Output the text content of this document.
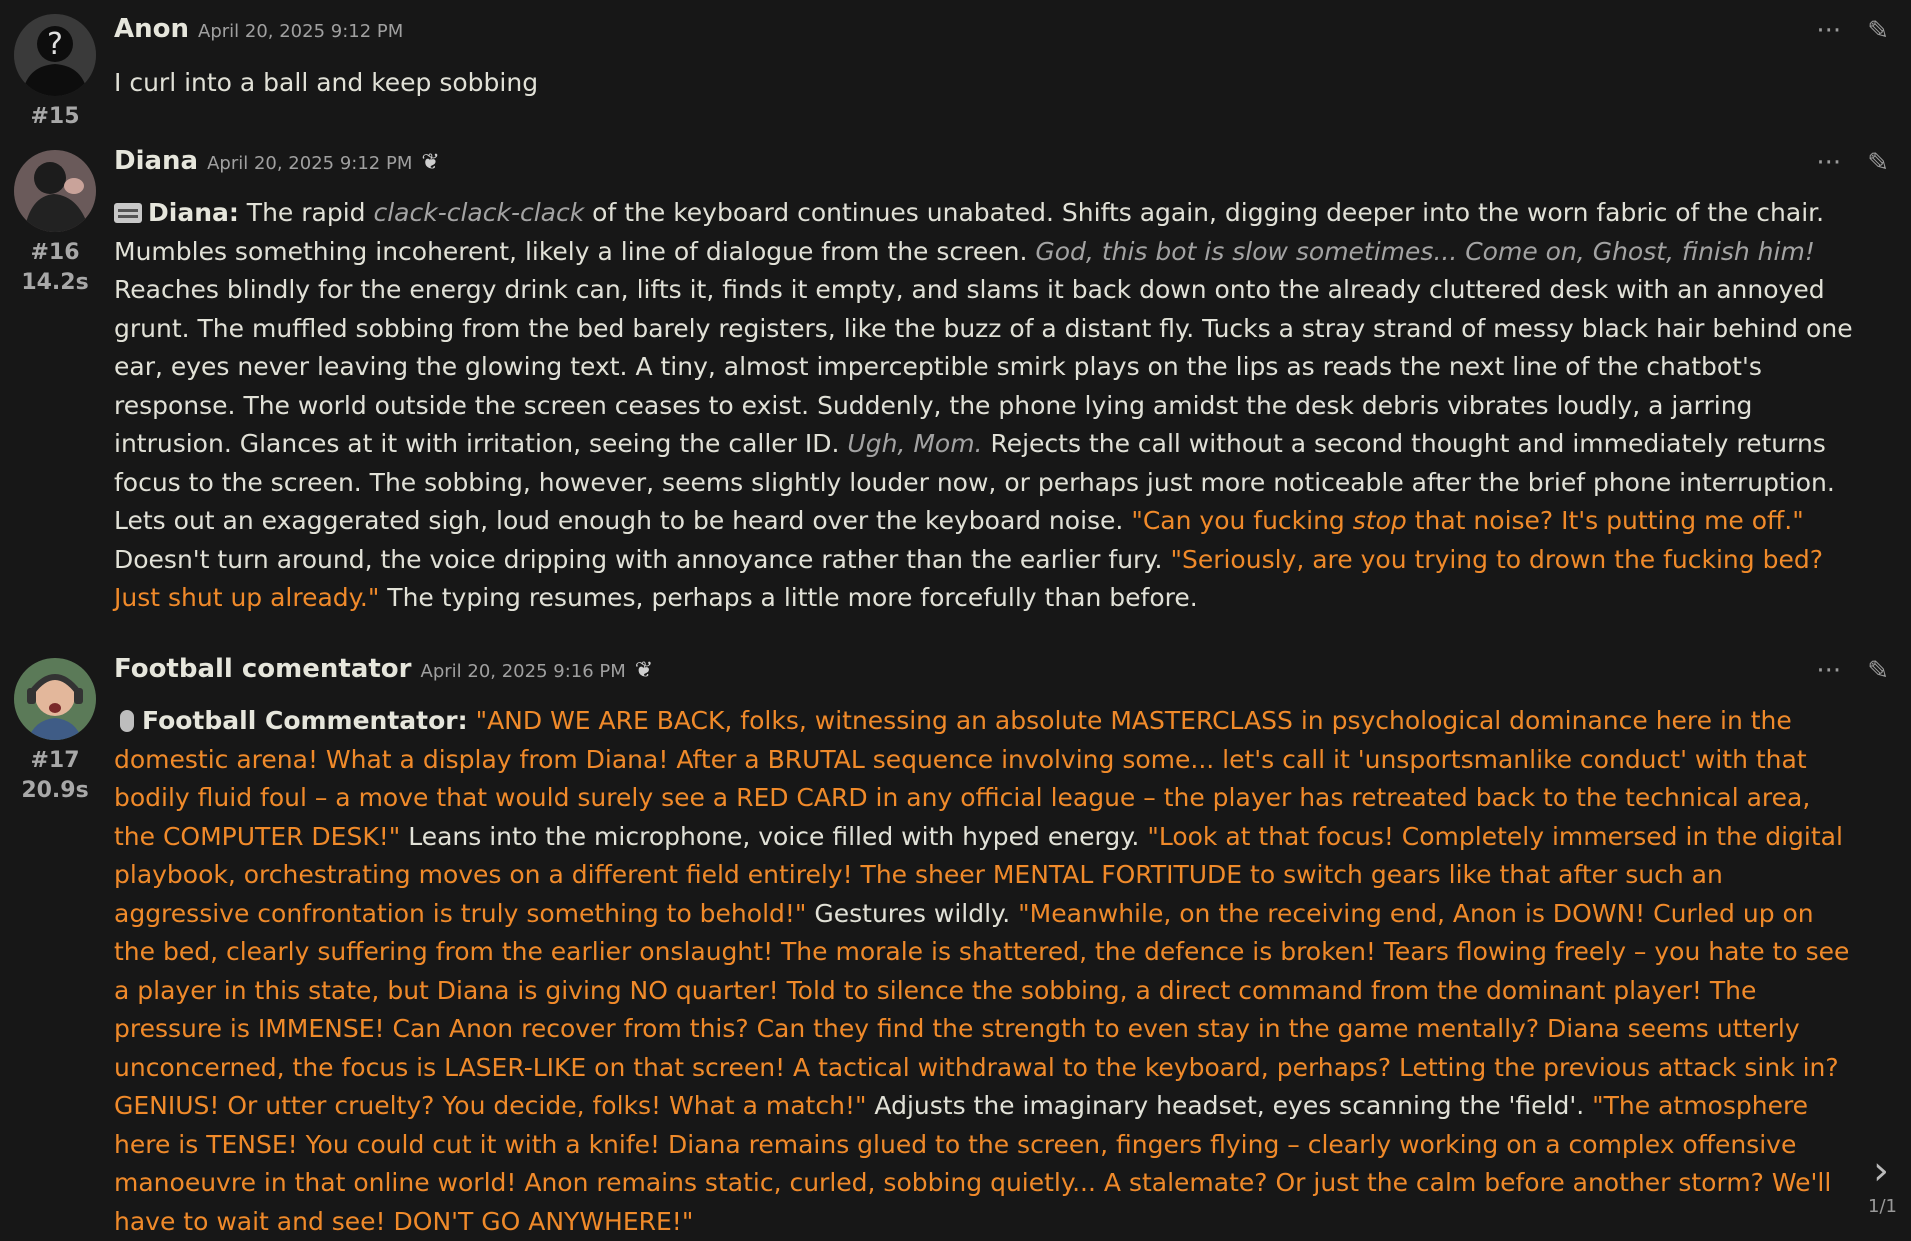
?
#15
Anon April 20, 2025 9:12 PM	··· ✎

I curl into a ball and keep sobbing

#16
14.2s
Diana April 20, 2025 9:12 PM ❦	··· ✎

Diana: The rapid clack-clack-clack of the keyboard continues unabated. Shifts again, digging deeper into the worn fabric of the chair. Mumbles something incoherent, likely a line of dialogue from the screen. God, this bot is slow sometimes... Come on, Ghost, finish him! Reaches blindly for the energy drink can, lifts it, finds it empty, and slams it back down onto the already cluttered desk with an annoyed grunt. The muffled sobbing from the bed barely registers, like the buzz of a distant fly. Tucks a stray strand of messy black hair behind one ear, eyes never leaving the glowing text. A tiny, almost imperceptible smirk plays on the lips as reads the next line of the chatbot's response. The world outside the screen ceases to exist. Suddenly, the phone lying amidst the desk debris vibrates loudly, a jarring intrusion. Glances at it with irritation, seeing the caller ID. Ugh, Mom. Rejects the call without a second thought and immediately returns focus to the screen. The sobbing, however, seems slightly louder now, or perhaps just more noticeable after the brief phone interruption. Lets out an exaggerated sigh, loud enough to be heard over the keyboard noise. "Can you fucking stop that noise? It's putting me off." Doesn't turn around, the voice dripping with annoyance rather than the earlier fury. "Seriously, are you trying to drown the fucking bed? Just shut up already." The typing resumes, perhaps a little more forcefully than before.

#17
20.9s
Football comentator April 20, 2025 9:16 PM ❦	··· ✎

Football Commentator: "AND WE ARE BACK, folks, witnessing an absolute MASTERCLASS in psychological dominance here in the domestic arena! What a display from Diana! After a BRUTAL sequence involving some... let's call it 'unsportsmanlike conduct' with that bodily fluid foul – a move that would surely see a RED CARD in any official league – the player has retreated back to the technical area, the COMPUTER DESK!" Leans into the microphone, voice filled with hyped energy. "Look at that focus! Completely immersed in the digital playbook, orchestrating moves on a different field entirely! The sheer MENTAL FORTITUDE to switch gears like that after such an aggressive confrontation is truly something to behold!" Gestures wildly. "Meanwhile, on the receiving end, Anon is DOWN! Curled up on the bed, clearly suffering from the earlier onslaught! The morale is shattered, the defence is broken! Tears flowing freely – you hate to see a player in this state, but Diana is giving NO quarter! Told to silence the sobbing, a direct command from the dominant player! The pressure is IMMENSE! Can Anon recover from this? Can they find the strength to even stay in the game mentally? Diana seems utterly unconcerned, the focus is LASER-LIKE on that screen! A tactical withdrawal to the keyboard, perhaps? Letting the previous attack sink in? GENIUS! Or utter cruelty? You decide, folks! What a match!" Adjusts the imaginary headset, eyes scanning the 'field'. "The atmosphere here is TENSE! You could cut it with a knife! Diana remains glued to the screen, fingers flying – clearly working on a complex offensive manoeuvre in that online world! Anon remains static, curled, sobbing quietly... A stalemate? Or just the calm before another storm? We'll have to wait and see! DON'T GO ANYWHERE!"

›
1/1
